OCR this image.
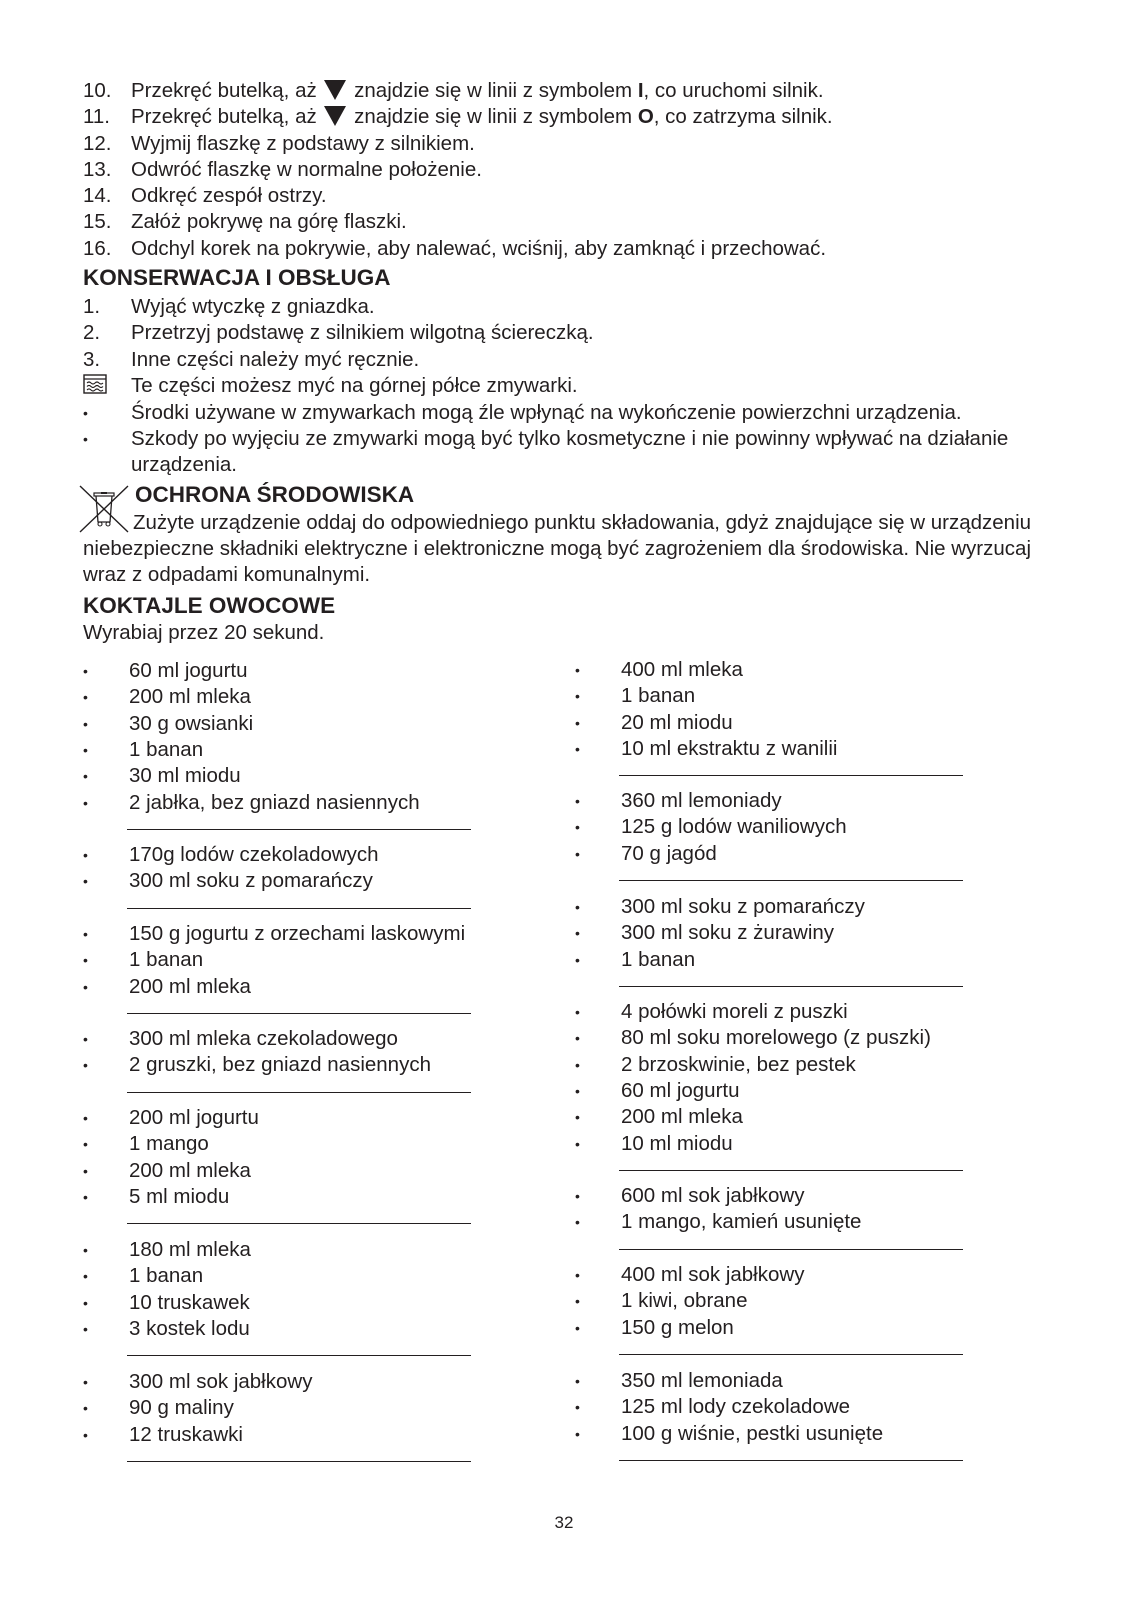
10. Przekręć butelką, aż znajdzie się w linii z symbolem I, co uruchomi silnik.
11. Przekręć butelką, aż znajdzie się w linii z symbolem O, co zatrzyma silnik.
12. Wyjmij flaszkę z podstawy z silnikiem.
13. Odwróć flaszkę w normalne położenie.
14. Odkręć zespół ostrzy.
15. Załóż pokrywę na górę flaszki.
16. Odchyl korek na pokrywie, aby nalewać, wciśnij, aby zamknąć i przechować.
KONSERWACJA I OBSŁUGA
1. Wyjąć wtyczkę z gniazdka.
2. Przetrzyj podstawę z silnikiem wilgotną ściereczką.
3. Inne części należy myć ręcznie.
Te części możesz myć na górnej półce zmywarki.
• Środki używane w zmywarkach mogą źle wpłynąć na wykończenie powierzchni urządzenia.
• Szkody po wyjęciu ze zmywarki mogą być tylko kosmetyczne i nie powinny wpływać na działanie
urządzenia.
OCHRONA ŚRODOWISKA
Zużyte urządzenie oddaj do odpowiedniego punktu składowania, gdyż znajdujące się w urządzeniu
niebezpieczne składniki elektryczne i elektroniczne mogą być zagrożeniem dla środowiska. Nie wyrzucaj
wraz z odpadami komunalnymi.
KOKTAJLE OWOCOWE
Wyrabiaj przez 20 sekund.
• 60 ml jogurtu
• 200 ml mleka
• 30 g owsianki
• 1 banan
• 30 ml miodu
• 2 jabłka, bez gniazd nasiennych
• 170g lodów czekoladowych
• 300 ml soku z pomarańczy
• 150 g jogurtu z orzechami laskowymi
• 1 banan
• 200 ml mleka
• 300 ml mleka czekoladowego
• 2 gruszki, bez gniazd nasiennych
• 200 ml jogurtu
• 1 mango
• 200 ml mleka
• 5 ml miodu
• 180 ml mleka
• 1 banan
• 10 truskawek
• 3 kostek lodu
• 300 ml sok jabłkowy
• 90 g maliny
• 12 truskawki
• 400 ml mleka
• 1 banan
• 20 ml miodu
• 10 ml ekstraktu z wanilii
• 360 ml lemoniady
• 125 g lodów waniliowych
• 70 g jagód
• 300 ml soku z pomarańczy
• 300 ml soku z żurawiny
• 1 banan
• 4 połówki moreli z puszki
• 80 ml soku morelowego (z puszki)
• 2 brzoskwinie, bez pestek
• 60 ml jogurtu
• 200 ml mleka
• 10 ml miodu
• 600 ml sok jabłkowy
• 1 mango, kamień usunięte
• 400 ml sok jabłkowy
• 1 kiwi, obrane
• 150 g melon
• 350 ml lemoniada
• 125 ml lody czekoladowe
• 100 g wiśnie, pestki usunięte
32
